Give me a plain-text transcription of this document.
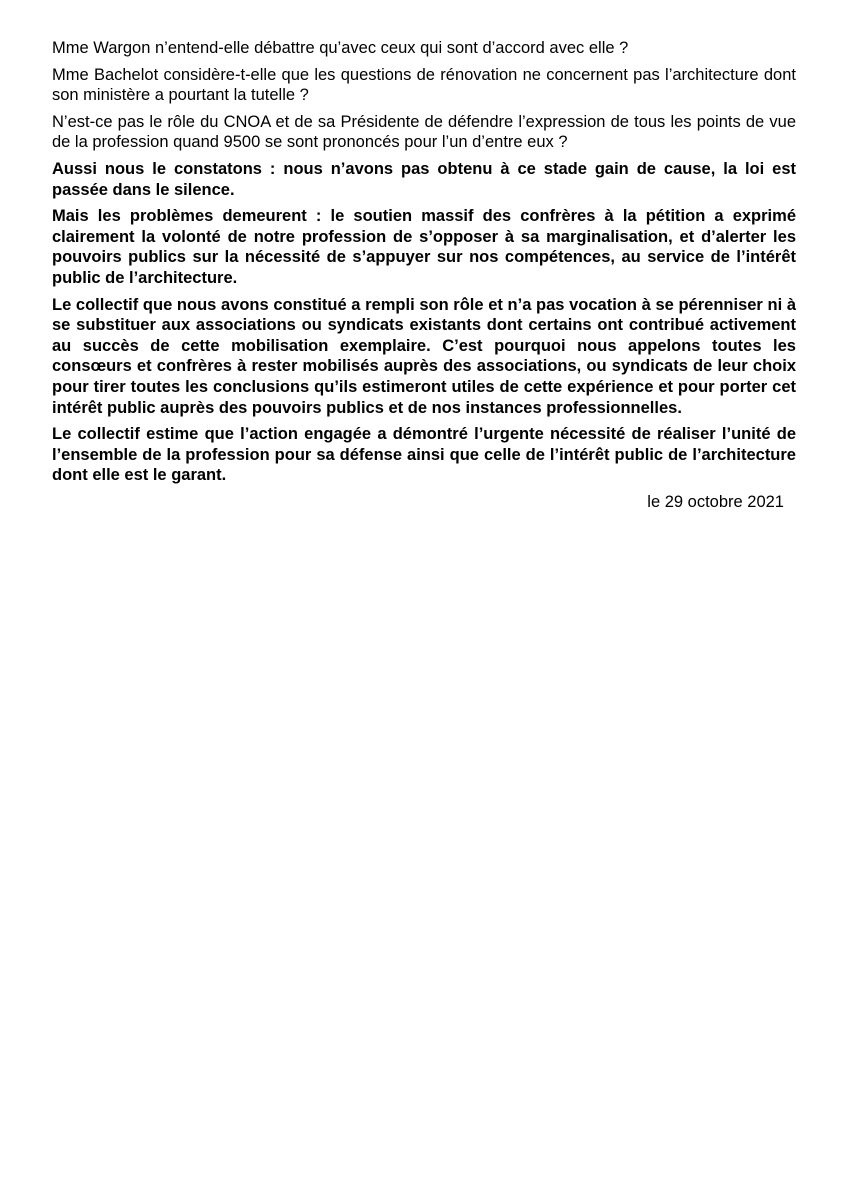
Mme Wargon n’entend-elle débattre qu’avec ceux qui sont d’accord avec elle ?

Mme Bachelot considère-t-elle que les questions de rénovation ne concernent pas l’architecture dont son ministère a pourtant la tutelle ?

N’est-ce pas le rôle du CNOA et de sa Présidente de défendre l’expression de tous les points de vue de la profession quand 9500 se sont prononcés pour l’un d’entre eux ?

Aussi nous le constatons : nous n’avons pas obtenu à ce stade gain de cause, la loi est passée dans le silence.

Mais les problèmes demeurent : le soutien massif des confrères à la pétition a exprimé clairement la volonté de notre profession de s’opposer à sa marginalisation, et d’alerter les pouvoirs publics sur la nécessité de s’appuyer sur nos compétences, au service de l’intérêt public de l’architecture.

Le collectif que nous avons constitué a rempli son rôle et n’a pas vocation à se pérenniser ni à se substituer aux associations ou syndicats existants dont certains ont contribué activement au succès de cette mobilisation exemplaire. C’est pourquoi nous appelons toutes les consœurs et confrères à rester mobilisés auprès des associations, ou syndicats de leur choix pour tirer toutes les conclusions qu’ils estimeront utiles de cette expérience et pour porter cet intérêt public auprès des pouvoirs publics et de nos instances professionnelles.

Le collectif estime que l’action engagée a démontré l’urgente nécessité de réaliser l’unité de l’ensemble de la profession pour sa défense ainsi que celle de l’intérêt public de l’architecture dont elle est le garant.

le 29 octobre 2021
